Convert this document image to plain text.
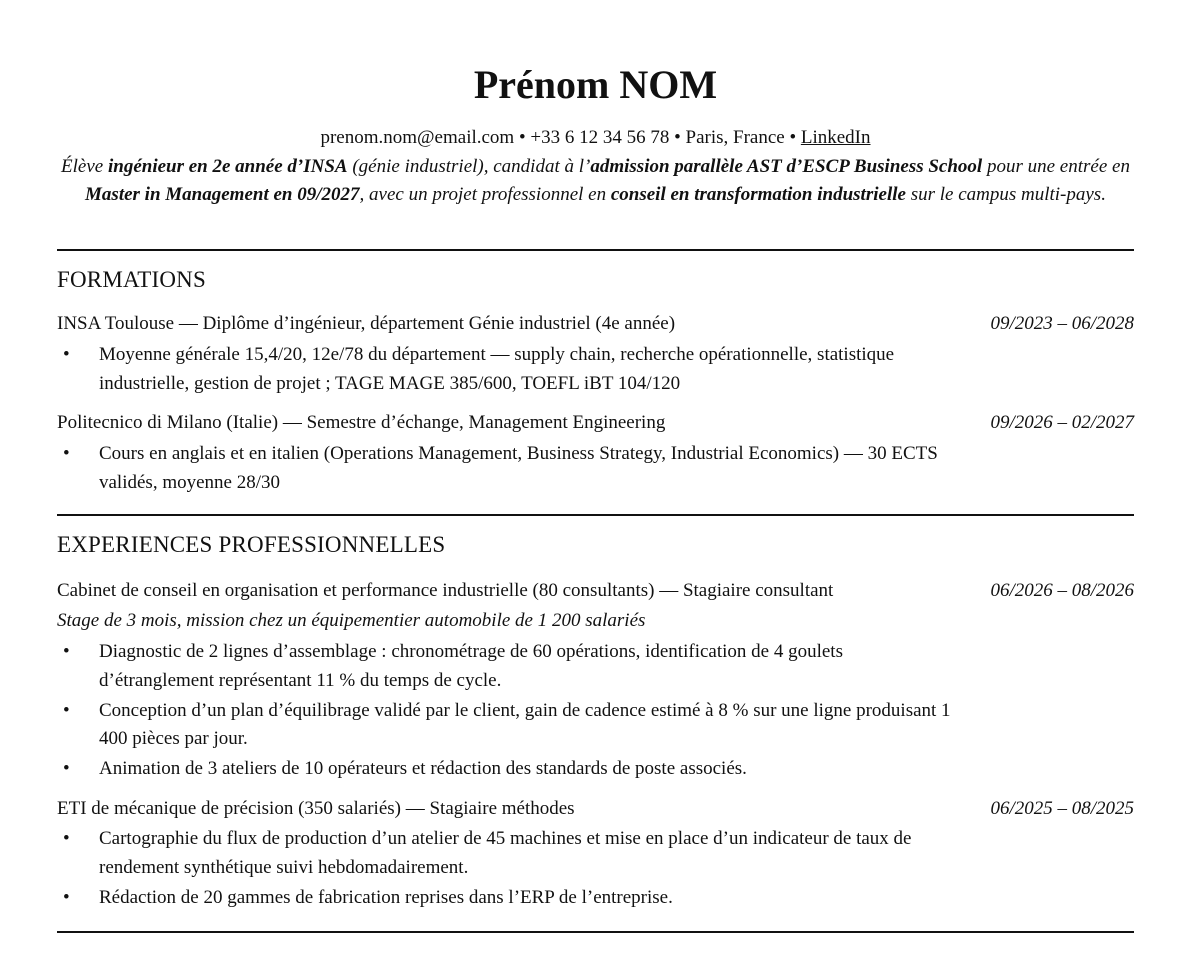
Prénom NOM
prenom.nom@email.com • +33 6 12 34 56 78 • Paris, France • LinkedIn
Élève ingénieur en 2e année d’INSA (génie industriel), candidat à l’admission parallèle AST d’ESCP Business School pour une entrée en Master in Management en 09/2027, avec un projet professionnel en conseil en transformation industrielle sur le campus multi-pays.
FORMATIONS
INSA Toulouse — Diplôme d’ingénieur, département Génie industriel (4e année)	09/2023 – 06/2028
• Moyenne générale 15,4/20, 12e/78 du département — supply chain, recherche opérationnelle, statistique industrielle, gestion de projet ; TAGE MAGE 385/600, TOEFL iBT 104/120
Politecnico di Milano (Italie) — Semestre d’échange, Management Engineering	09/2026 – 02/2027
• Cours en anglais et en italien (Operations Management, Business Strategy, Industrial Economics) — 30 ECTS validés, moyenne 28/30
EXPERIENCES PROFESSIONNELLES
Cabinet de conseil en organisation et performance industrielle (80 consultants) — Stagiaire consultant	06/2026 – 08/2026
Stage de 3 mois, mission chez un équipementier automobile de 1 200 salariés
• Diagnostic de 2 lignes d’assemblage : chronométrage de 60 opérations, identification de 4 goulets d’étranglement représentant 11 % du temps de cycle.
• Conception d’un plan d’équilibrage validé par le client, gain de cadence estimé à 8 % sur une ligne produisant 1 400 pièces par jour.
• Animation de 3 ateliers de 10 opérateurs et rédaction des standards de poste associés.
ETI de mécanique de précision (350 salariés) — Stagiaire méthodes	06/2025 – 08/2025
• Cartographie du flux de production d’un atelier de 45 machines et mise en place d’un indicateur de taux de rendement synthétique suivi hebdomadairement.
• Rédaction de 20 gammes de fabrication reprises dans l’ERP de l’entreprise.
